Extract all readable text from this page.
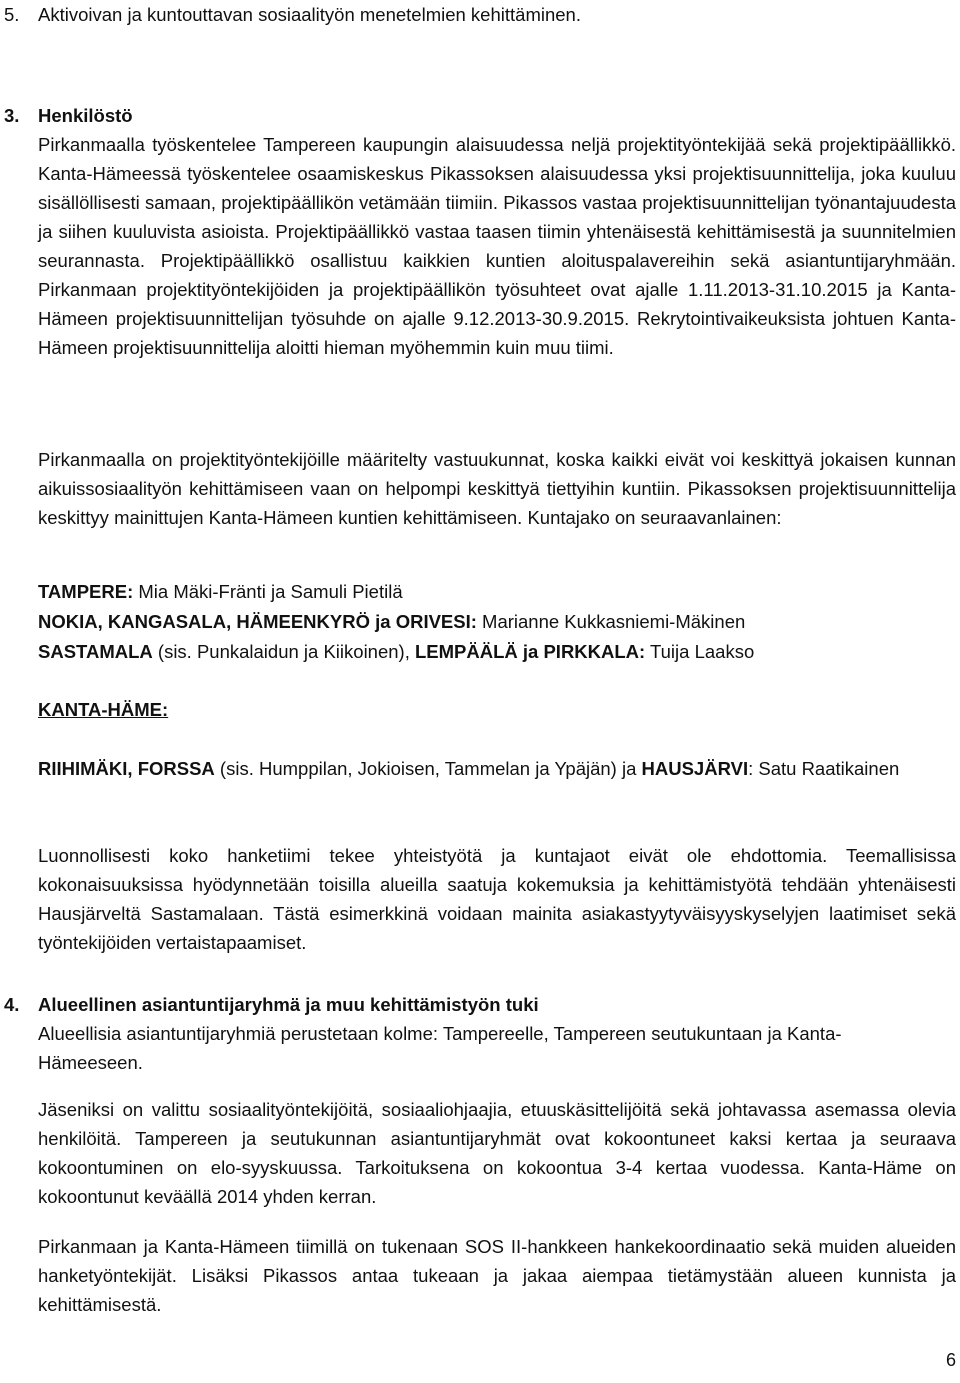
5. Aktivoivan ja kuntouttavan sosiaalityön menetelmien kehittäminen.

3. Henkilöstö

Pirkanmaalla työskentelee Tampereen kaupungin alaisuudessa neljä projektityöntekijää sekä projektipäällikkö. Kanta-Hämeessä työskentelee osaamiskeskus Pikassoksen alaisuudessa yksi projektisuunnittelija, joka kuuluu sisällöllisesti samaan, projektipäällikön vetämään tiimiin. Pikassos vastaa projektisuunnittelijan työnantajuudesta ja siihen kuuluvista asioista. Projektipäällikkö vastaa taasen tiimin yhtenäisestä kehittämisestä ja suunnitelmien seurannasta. Projektipäällikkö osallistuu kaikkien kuntien aloituspalavereihin sekä asiantuntijaryhmään. Pirkanmaan projektityöntekijöiden ja projektipäällikön työsuhteet ovat ajalle 1.11.2013-31.10.2015 ja Kanta-Hämeen projektisuunnittelijan työsuhde on ajalle 9.12.2013-30.9.2015. Rekrytointivaikeuksista johtuen Kanta-Hämeen projektisuunnittelija aloitti hieman myöhemmin kuin muu tiimi.

Pirkanmaalla on projektityöntekijöille määritelty vastuukunnat, koska kaikki eivät voi keskittyä jokaisen kunnan aikuissosiaalityön kehittämiseen vaan on helpompi keskittyä tiettyihin kuntiin. Pikassoksen projektisuunnittelija keskittyy mainittujen Kanta-Hämeen kuntien kehittämiseen. Kuntajako on seuraavanlainen:

TAMPERE: Mia Mäki-Fränti ja Samuli Pietilä

NOKIA, KANGASALA, HÄMEENKYRÖ ja ORIVESI: Marianne Kukkasniemi-Mäkinen

SASTAMALA (sis. Punkalaidun ja Kiikoinen), LEMPÄÄLÄ ja PIRKKALA: Tuija Laakso

KANTA-HÄME:

RIIHIMÄKI, FORSSA (sis. Humppilan, Jokioisen, Tammelan ja Ypäjän) ja HAUSJÄRVI: Satu Raatikainen

Luonnollisesti koko hanketiimi tekee yhteistyötä ja kuntajaot eivät ole ehdottomia. Teemallisissa kokonaisuuksissa hyödynnetään toisilla alueilla saatuja kokemuksia ja kehittämistyötä tehdään yhtenäisesti Hausjärveltä Sastamalaan. Tästä esimerkkinä voidaan mainita asiakastyytyväisyyskyselyjen laatimiset sekä työntekijöiden vertaistapaamiset.

4. Alueellinen asiantuntijaryhmä ja muu kehittämistyön tuki

Alueellisia asiantuntijaryhmiä perustetaan kolme: Tampereelle, Tampereen seutukuntaan ja Kanta-Hämeeseen.

Jäseniksi on valittu sosiaalityöntekijöitä, sosiaaliohjaajia, etuuskäsittelijöitä sekä johtavassa asemassa olevia henkilöitä. Tampereen ja seutukunnan asiantuntijaryhmät ovat kokoontuneet kaksi kertaa ja seuraava kokoontuminen on elo-syyskuussa. Tarkoituksena on kokoontua 3-4 kertaa vuodessa. Kanta-Häme on kokoontunut keväällä 2014 yhden kerran.

Pirkanmaan ja Kanta-Hämeen tiimillä on tukenaan SOS II-hankkeen hankekoordinaatio sekä muiden alueiden hanketyöntekijät. Lisäksi Pikassos antaa tukeaan ja jakaa aiempaa tietämystään alueen kunnista ja kehittämisestä.

6
